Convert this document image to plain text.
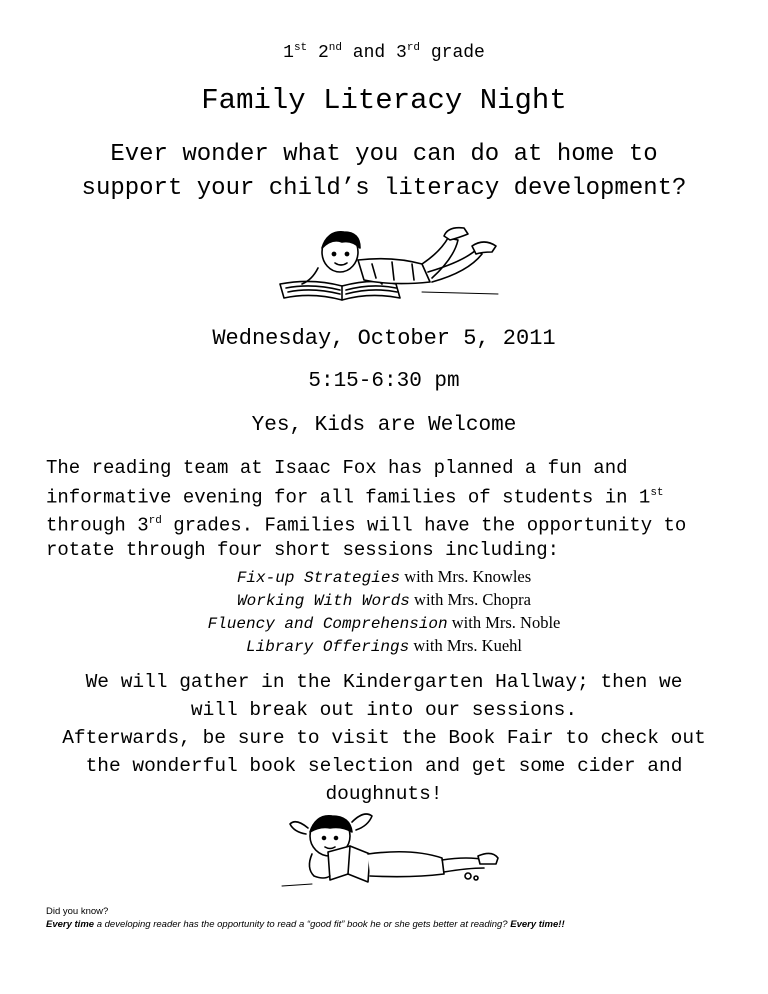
1st 2nd and 3rd grade
Family Literacy Night
Ever wonder what you can do at home to
support your child’s literacy development?
Wednesday, October 5, 2011
5:15-6:30 pm
Yes, Kids are Welcome

The reading team at Isaac Fox has planned a fun and informative evening for all families of students in 1st through 3rd grades. Families will have the opportunity to rotate through four short sessions including:

Fix-up Strategies with Mrs. Knowles
Working With Words with Mrs. Chopra
Fluency and Comprehension with Mrs. Noble
Library Offerings with Mrs. Kuehl
We will gather in the Kindergarten Hallway; then we
will break out into our sessions.
Afterwards, be sure to visit the Book Fair to check out
the wonderful book selection and get some cider and
doughnuts!
Did you know?
Every time a developing reader has the opportunity to read a “good fit” book he or she gets better at reading? Every time!!
